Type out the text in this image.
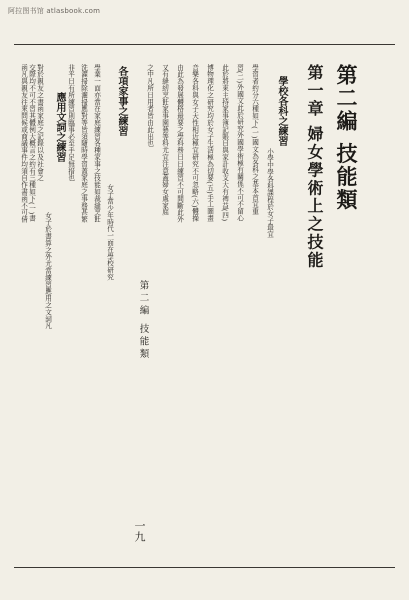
阿拉图书馆 atlasbook.com
第二編 技能類
第一章 婦女學術上之技能
學校各科之練習
小學中學各科課程於女子最宜
學習者約分六種如下(一)國文為各科之基本首宜重
習(二)外國文此於研究外國學術極有關係不可不留心
此於將來主持家事簿記賬目與家計收支大有裨益(四)
博物理化之研究均於女子生活極為切要(五)手工圖畫
音樂各科與女子天性相近極宜研究不可忽略(六)體操
由此為發展體格最要之學科務日日練習不可間斷此外
又有縫紉烹飪家事園藝等科尤宜注意蓋婦女處家庭
之中凡所日用者皆由此出也
第二編 技能類
一九
各項家事之練習
女子當少年時代一面在學校研究
學業一面亦當在家庭練習各種家事之技能如裁縫烹飪
洗濯掃除灑掃應對等皆須隨時學習蓋家庭之事務甚繁
非平日有所練習則臨事必至手足無措也
應用文詞之練習
女子於書算之外尤當練習應用之文詞凡
對於親友之書函家庭之記錄以及社會之
交際均不可不習其體例大概言之約有三種如下(一)書
函凡與親友往來問候或商議事件均須自作書函不可倩
